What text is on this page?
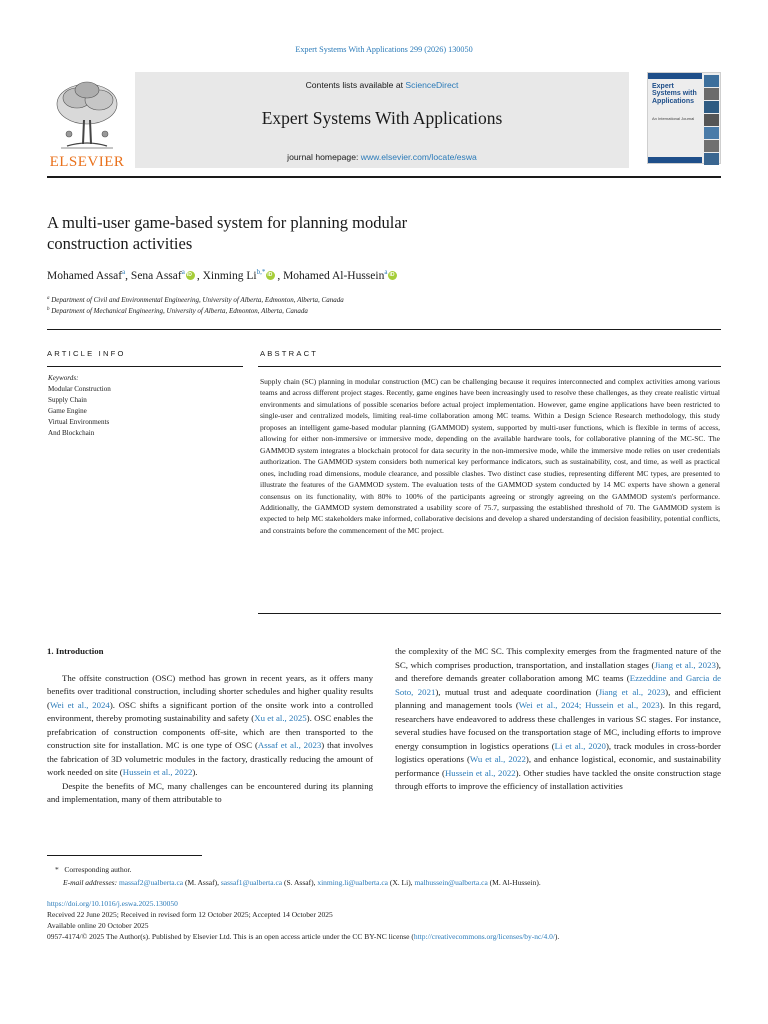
Expert Systems With Applications 299 (2026) 130050
ELSEVIER
Contents lists available at ScienceDirect
Expert Systems With Applications
journal homepage: www.elsevier.com/locate/eswa
Expert Systems with Applications
An International Journal
A multi-user game-based system for planning modular
construction activities
Mohamed Assaf$^a$, Sena Assaf$^a$iD , Xinming $Li^{b,*}iD$ , Mohamed Al-Hussein$^a$iD
$^a$ Department of Civil and Environmental Engineering, University of Alberta, Edmonton, Alberta, Canada
$^b$ Department of Mechanical Engineering, University of Alberta, Edmonton, Alberta, Canada
ARTICLE INFO	ABSTRACT
Keywords:
Modular Construction
Supply Chain
Game Engine
Virtual Environments
And Blockchain
Supply chain (SC) planning in modular construction (MC) can be challenging because it requires interconnected and complex activities among various teams and across different project stages. Recently, game engines have been increasingly used to resolve these challenges, as they create realistic virtual environments and simulations of possible scenarios before actual project implementation. However, game engine applications have been restricted to single-user and centralized models, limiting real-time collaboration among MC teams. Within a Design Science Research methodology, this study proposes an intelligent game-based modular planning (GAMMOD) system, supported by multi-user functions, which is flexible in terms of access, allowing for either non-immersive or immersive mode, depending on the available hardware tools, for collaborative planning of the MC-SC. The GAMMOD system integrates a blockchain protocol for data security in the non-immersive mode, while the immersive mode relies on user credentials authorization. The GAMMOD system considers both numerical key performance indicators, such as sustainability, cost, and time, as well as practical ones, including road dimensions, module clearance, and possible clashes. Two distinct case studies, representing different MC types, are presented to illustrate the features of the GAMMOD system. The evaluation tests of the GAMMOD system conducted by 14 MC experts have shown a general consensus on its functionality, with 80% to 100% of the participants agreeing or strongly agreeing on the GAMMOD system's performance. Additionally, the GAMMOD system demonstrated a usability score of 75.7, surpassing the established threshold of 70. The GAMMOD system is expected to help MC stakeholders make informed, collaborative decisions and develop a shared understanding of decision feasibility, potential conflicts, and constraints before the commencement of the MC project.
1. Introduction

The offsite construction (OSC) method has grown in recent years, as it offers many benefits over traditional construction, including shorter schedules and higher quality results (Wei et al., 2024). OSC shifts a significant portion of the onsite work into a controlled environment, thereby promoting sustainability and safety (Xu et al., 2025). OSC enables the prefabrication of construction components off-site, which are then transported to the construction site for installation. MC is one type of OSC (Assaf et al., 2023) that involves the fabrication of 3D volumetric modules in the factory, drastically reducing the amount of work needed on site (Hussein et al., 2022).

Despite the benefits of MC, many challenges can be encountered during its planning and implementation, many of them attributable to

the complexity of the MC SC. This complexity emerges from the fragmented nature of the SC, which comprises production, transportation, and installation stages (Jiang et al., 2023), and therefore demands greater collaboration among MC teams (Ezzeddine and Garcia de Soto, 2021), mutual trust and adequate coordination (Jiang et al., 2023), and efficient planning and management tools (Wei et al., 2024; Hussein et al., 2023). In this regard, researchers have endeavored to address these challenges in various SC stages. For instance, several studies have focused on the transportation stage of MC, including efforts to improve energy consumption in logistics operations (Li et al., 2020), track modules in cross-border logistics operations (Wu et al., 2022), and enhance logistical, economic, and sustainability performance (Hussein et al., 2022). Other studies have tackled the onsite construction stage through efforts to improve the efficiency of installation activities

* Corresponding author.
E-mail addresses: massaf2@ualberta.ca (M. Assaf), sassaf1@ualberta.ca (S. Assaf), xinming.li@ualberta.ca (X. Li), malhussein@ualberta.ca (M. Al-Hussein).
https://doi.org/10.1016/j.eswa.2025.130050
Received 22 June 2025; Received in revised form 12 October 2025; Accepted 14 October 2025
Available online 20 October 2025
0957-4174/© 2025 The Author(s). Published by Elsevier Ltd. This is an open access article under the CC BY-NC license (http://creativecommons.org/licenses/by-nc/4.0/).
